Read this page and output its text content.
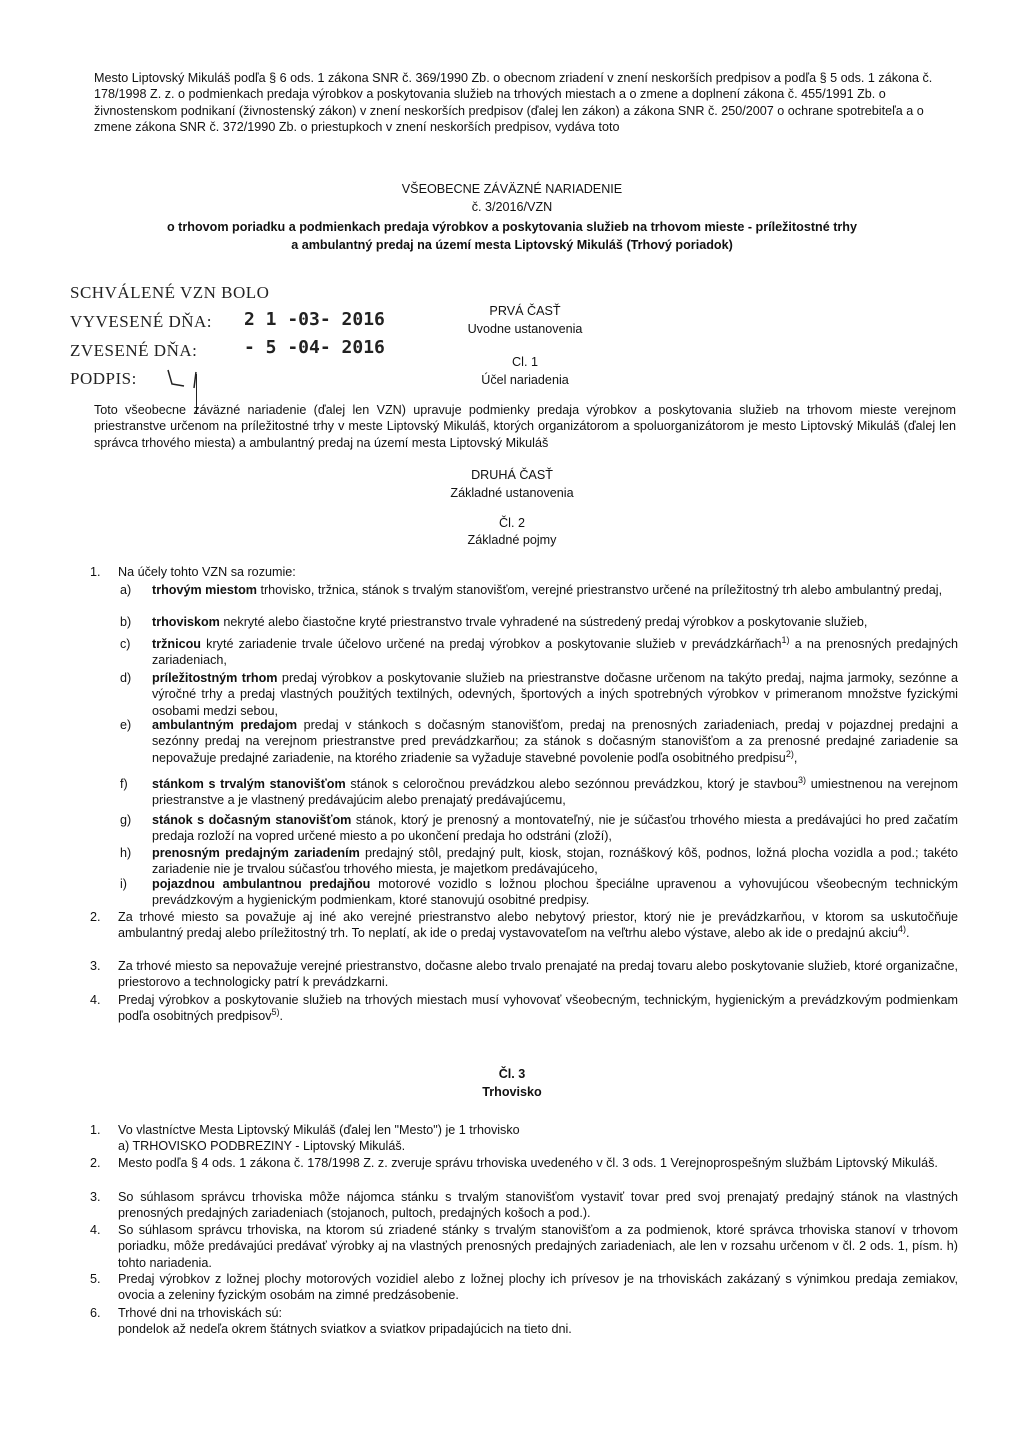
Mesto Liptovský Mikuláš podľa § 6 ods. 1 zákona SNR č. 369/1990 Zb. o obecnom zriadení v znení neskorších predpisov a podľa § 5 ods. 1 zákona č. 178/1998 Z. z. o podmienkach predaja výrobkov a poskytovania služieb na trhových miestach a o zmene a doplnení zákona č. 455/1991 Zb. o živnostenskom podnikaní (živnostenský zákon) v znení neskorších predpisov (ďalej len zákon) a zákona SNR č. 250/2007 o ochrane spotrebiteľa a o zmene zákona SNR č. 372/1990 Zb. o priestupkoch v znení neskorších predpisov, vydáva toto
VŠEOBECNE ZÁVÄZNÉ NARIADENIE
č. 3/2016/VZN
o trhovom poriadku a podmienkach predaja výrobkov a poskytovania služieb na trhovom mieste - príležitostné trhy
a ambulantný predaj na území mesta Liptovský Mikuláš (Trhový poriadok)
SCHVÁLENÉ VZN BOLO
VYVESENÉ DŇA:
ZVESENÉ DŇA:
PODPIS:
2 1 -03- 2016
- 5 -04- 2016
PRVÁ ČASŤ
Uvodne ustanovenia
Cl. 1
Účel nariadenia
Toto všeobecne záväzné nariadenie (ďalej len VZN) upravuje podmienky predaja výrobkov a poskytovania služieb na trhovom mieste verejnom priestranstve určenom na príležitostné trhy v meste Liptovský Mikuláš, ktorých organizátorom a spoluorganizátorom je mesto Liptovský Mikuláš (ďalej len správca trhového miesta) a ambulantný predaj na území mesta Liptovský Mikuláš
DRUHÁ ČASŤ
Základné ustanovenia
Čl. 2
Základné pojmy
1. Na účely tohto VZN sa rozumie:
a) trhovým miestom trhovisko, tržnica, stánok s trvalým stanovišťom, verejné priestranstvo určené na príležitostný trh alebo ambulantný predaj,
b) trhoviskom nekryté alebo čiastočne kryté priestranstvo trvale vyhradené na sústredený predaj výrobkov a poskytovanie služieb,
c) tržnicou kryté zariadenie trvale účelovo určené na predaj výrobkov a poskytovanie služieb v prevádzkárňach$^{1)}$ a na prenosných predajných zariadeniach,
d) príležitostným trhom predaj výrobkov a poskytovanie služieb na priestranstve dočasne určenom na takýto predaj, najma jarmoky, sezónne a výročné trhy a predaj vlastných použitých textilných, odevných, športových a iných spotrebných výrobkov v primeranom množstve fyzickými osobami medzi sebou,
e) ambulantným predajom predaj v stánkoch s dočasným stanovišťom, predaj na prenosných zariadeniach, predaj v pojazdnej predajni a sezónny predaj na verejnom priestranstve pred prevádzkarňou; za stánok s dočasným stanovišťom a za prenosné predajné zariadenie sa nepovažuje predajné zariadenie, na ktorého zriadenie sa vyžaduje stavebné povolenie podľa osobitného predpisu$^{2)}$,
f) stánkom s trvalým stanovišťom stánok s celoročnou prevádzkou alebo sezónnou prevádzkou, ktorý je stavbou$^{3)}$ umiestnenou na verejnom priestranstve a je vlastnený predávajúcim alebo prenajatý predávajúcemu,
g) stánok s dočasným stanovišťom stánok, ktorý je prenosný a montovateľný, nie je súčasťou trhového miesta a predávajúci ho pred začatím predaja rozloží na vopred určené miesto a po ukončení predaja ho odstráni (zloží),
h) prenosným predajným zariadením predajný stôl, predajný pult, kiosk, stojan, roznáškový kôš, podnos, ložná plocha vozidla a pod.; takéto zariadenie nie je trvalou súčasťou trhového miesta, je majetkom predávajúceho,
i) pojazdnou ambulantnou predajňou motorové vozidlo s ložnou plochou špeciálne upravenou a vyhovujúcou všeobecným technickým prevádzkovým a hygienickým podmienkam, ktoré stanovujú osobitné predpisy.
2. Za trhové miesto sa považuje aj iné ako verejné priestranstvo alebo nebytový priestor, ktorý nie je prevádzkarňou, v ktorom sa uskutočňuje ambulantný predaj alebo príležitostný trh. To neplatí, ak ide o predaj vystavovateľom na veľtrhu alebo výstave, alebo ak ide o predajnú akciu$^{4)}$.
3. Za trhové miesto sa nepovažuje verejné priestranstvo, dočasne alebo trvalo prenajaté na predaj tovaru alebo poskytovanie služieb, ktoré organizačne, priestorovo a technologicky patrí k prevádzkarni.
4. Predaj výrobkov a poskytovanie služieb na trhových miestach musí vyhovovať všeobecným, technickým, hygienickým a prevádzkovým podmienkam podľa osobitných predpisov$^{5)}$.
Čl. 3
Trhovisko
1. Vo vlastníctve Mesta Liptovský Mikuláš (ďalej len "Mesto") je 1 trhovisko
a) TRHOVISKO PODBREZINY - Liptovský Mikuláš.
2. Mesto podľa § 4 ods. 1 zákona č. 178/1998 Z. z. zveruje správu trhoviska uvedeného v čl. 3 ods. 1 Verejnoprospešným službám Liptovský Mikuláš.
3. So súhlasom správcu trhoviska môže nájomca stánku s trvalým stanovišťom vystaviť tovar pred svoj prenajatý predajný stánok na vlastných prenosných predajných zariadeniach (stojanoch, pultoch, predajných košoch a pod.).
4. So súhlasom správcu trhoviska, na ktorom sú zriadené stánky s trvalým stanovišťom a za podmienok, ktoré správca trhoviska stanoví v trhovom poriadku, môže predávajúci predávať výrobky aj na vlastných prenosných predajných zariadeniach, ale len v rozsahu určenom v čl. 2 ods. 1, písm. h) tohto nariadenia.
5. Predaj výrobkov z ložnej plochy motorových vozidiel alebo z ložnej plochy ich prívesov je na trhoviskách zakázaný s výnimkou predaja zemiakov, ovocia a zeleniny fyzickým osobám na zimné predzásobenie.
6. Trhové dni na trhoviskách sú:
pondelok až nedeľa okrem štátnych sviatkov a sviatkov pripadajúcich na tieto dni.
